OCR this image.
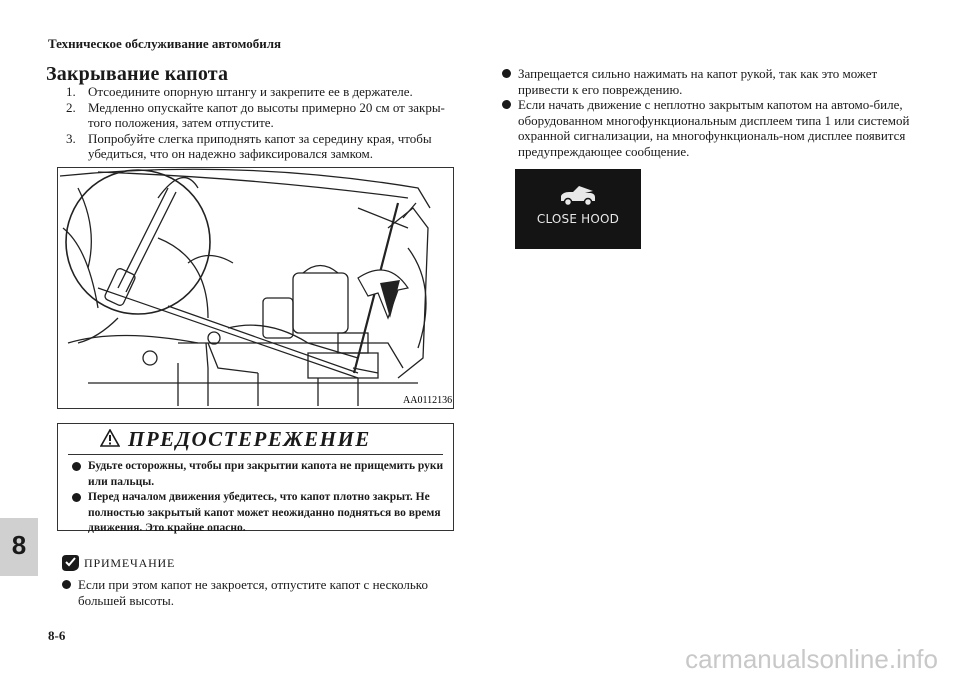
Техническое обслуживание автомобиля
Закрывание капота
1. Отсоедините опорную штангу и закрепите ее в держателе.
2. Медленно опускайте капот до высоты примерно 20 см от закры-того положения, затем отпустите.
3. Попробуйте слегка приподнять капот за середину края, чтобы убедиться, что он надежно зафиксировался замком.
AA0112136
ПРЕДОСТЕРЕЖЕНИЕ
Будьте осторожны, чтобы при закрытии капота не прищемить руки или пальцы.
Перед началом движения убедитесь, что капот плотно закрыт. Не полностью закрытый капот может неожиданно подняться во время движения. Это крайне опасно.
ПРИМЕЧАНИЕ
Если при этом капот не закроется, отпустите капот с несколько большей высоты.
Запрещается сильно нажимать на капот рукой, так как это может привести к его повреждению.
Если начать движение с неплотно закрытым капотом на автомо-биле, оборудованном многофункциональным дисплеем типа 1 или системой охранной сигнализации, на многофункциональ-ном дисплее появится предупреждающее сообщение.
CLOSE HOOD
8
8-6
carmanualsonline.info
